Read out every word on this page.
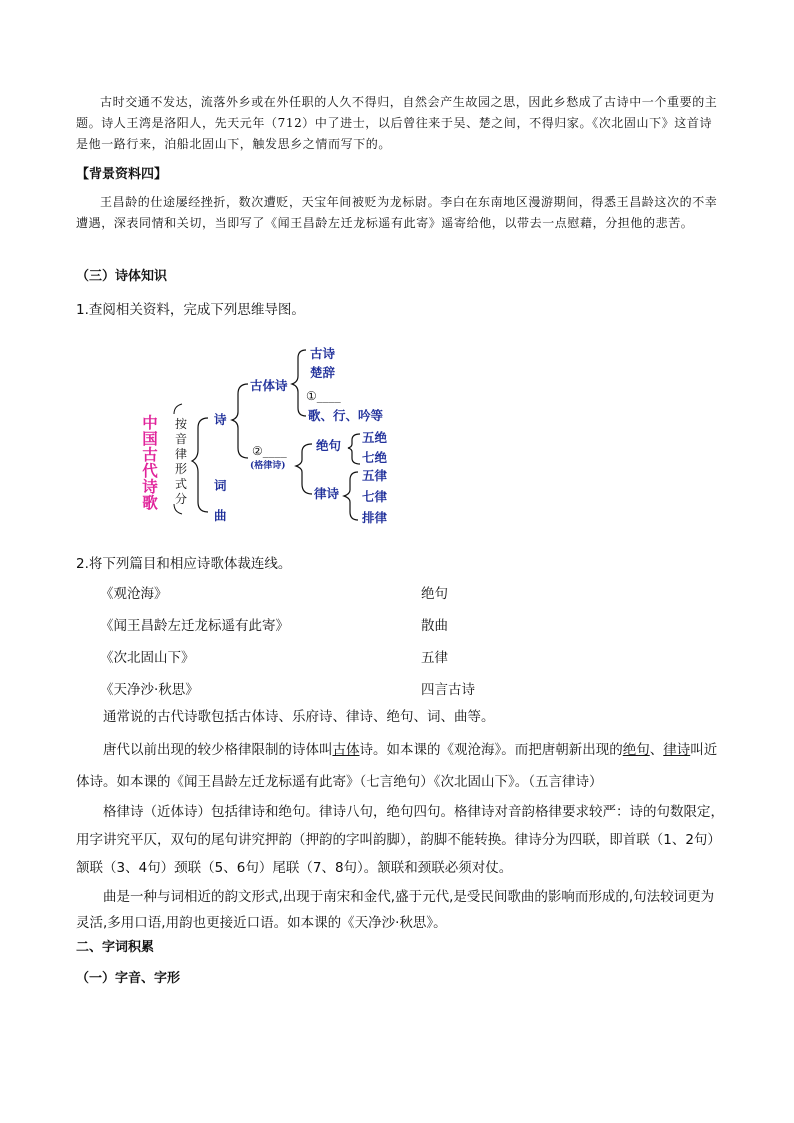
古时交通不发达，流落外乡或在外任职的人久不得归，自然会产生故园之思，因此乡愁成了古诗中一个重要的主题。诗人王湾是洛阳人，先天元年（712）中了进士，以后曾往来于吴、楚之间，不得归家。《次北固山下》这首诗是他一路行来，泊船北固山下，触发思乡之情而写下的。

【背景资料四】

王昌龄的仕途屡经挫折，数次遭贬，天宝年间被贬为龙标尉。李白在东南地区漫游期间，得悉王昌龄这次的不幸遭遇，深表同情和关切，当即写了《闻王昌龄左迁龙标遥有此寄》遥寄给他，以带去一点慰藉，分担他的悲苦。

（三）诗体知识

1.查阅相关资料，完成下列思维导图。

中
国
古
代
诗
歌
按
音
律
形
式
分
诗
词
曲
古体诗
古诗
楚辞
①____
歌、行、吟等
②____
(格律诗)
绝句
律诗
五绝
七绝
五律
七律
排律

2.将下列篇目和相应诗歌体裁连线。

《观沧海》	绝句
《闻王昌龄左迁龙标遥有此寄》	散曲
《次北固山下》	五律
《天净沙·秋思》	四言古诗

通常说的古代诗歌包括古体诗、乐府诗、律诗、绝句、词、曲等。

唐代以前出现的较少格律限制的诗体叫古体诗。如本课的《观沧海》。而把唐朝新出现的绝句、律诗叫近体诗。如本课的《闻王昌龄左迁龙标遥有此寄》（七言绝句）《次北固山下》。（五言律诗）

格律诗（近体诗）包括律诗和绝句。律诗八句，绝句四句。格律诗对音韵格律要求较严：诗的句数限定，用字讲究平仄，双句的尾句讲究押韵（押韵的字叫韵脚），韵脚不能转换。律诗分为四联，即首联（1、2句）颔联（3、4句）颈联（5、6句）尾联（7、8句）。颔联和颈联必须对仗。

曲是一种与词相近的韵文形式,出现于南宋和金代,盛于元代,是受民间歌曲的影响而形成的,句法较词更为灵活,多用口语,用韵也更接近口语。如本课的《天净沙·秋思》。

二、字词积累

（一）字音、字形
